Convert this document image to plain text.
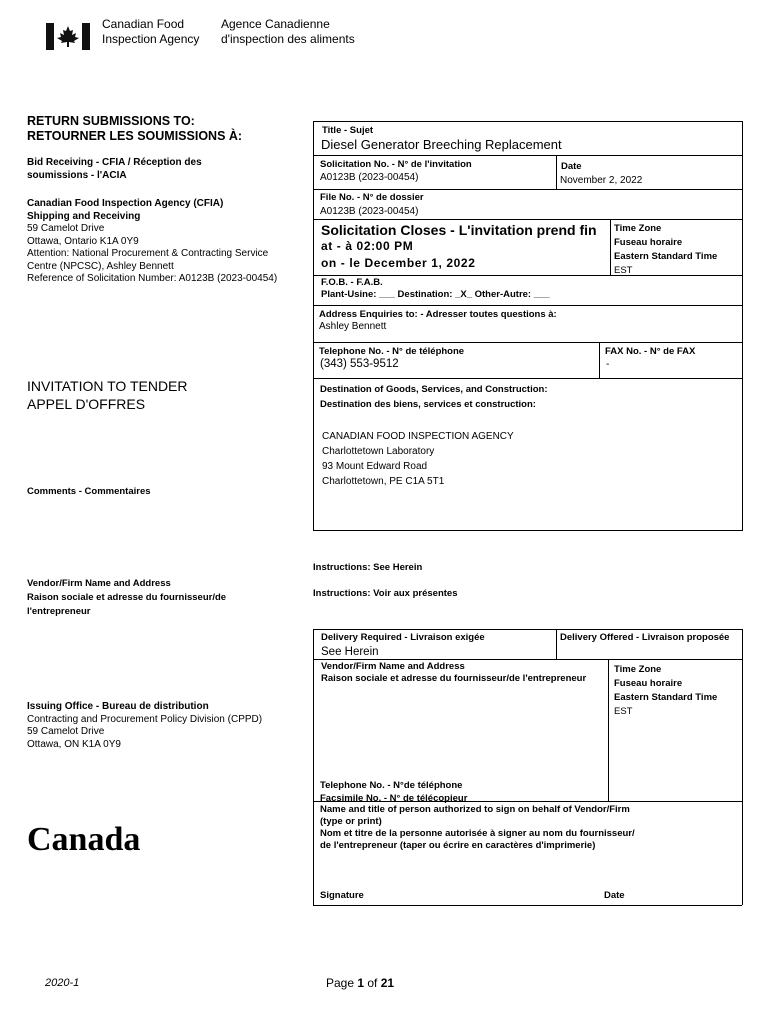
Canadian Food
Inspection Agency
Agence Canadienne
d'inspection des aliments
RETURN SUBMISSIONS TO:
RETOURNER LES SOUMISSIONS À:
Bid Receiving - CFIA / Réception des
soumissions - l'ACIA
Canadian Food Inspection Agency (CFIA)
Shipping and Receiving
59 Camelot Drive
Ottawa, Ontario K1A 0Y9
Attention: National Procurement & Contracting Service
Centre (NPCSC), Ashley Bennett
Reference of Solicitation Number: A0123B (2023-00454)
INVITATION TO TENDER
APPEL D'OFFRES
Comments - Commentaires
Vendor/Firm Name and Address
Raison sociale et adresse du fournisseur/de
l'entrepreneur
Issuing Office - Bureau de distribution
Contracting and Procurement Policy Division (CPPD)
59 Camelot Drive
Ottawa, ON K1A 0Y9
Canada
Title - Sujet
Diesel Generator Breeching Replacement
Solicitation No. - N° de l'invitation
A0123B (2023-00454)
Date
November 2, 2022
File No. - N° de dossier
A0123B (2023-00454)
Solicitation Closes - L'invitation prend fin
at - à 02:00 PM
on - le December 1, 2022
Time Zone
Fuseau horaire
Eastern Standard Time
EST
F.O.B. - F.A.B.
Plant-Usine: ___ Destination: _X_ Other-Autre: ___
Address Enquiries to: - Adresser toutes questions à:
Ashley Bennett
Telephone No. - N° de téléphone
(343) 553-9512
FAX No. - N° de FAX
-
Destination of Goods, Services, and Construction:
Destination des biens, services et construction:
CANADIAN FOOD INSPECTION AGENCY
Charlottetown Laboratory
93 Mount Edward Road
Charlottetown, PE C1A 5T1
Instructions: See Herein
Instructions: Voir aux présentes
Delivery Required - Livraison exigée
See Herein
Delivery Offered - Livraison proposée
Vendor/Firm Name and Address
Raison sociale et adresse du fournisseur/de l'entrepreneur
Time Zone
Fuseau horaire
Eastern Standard Time
EST
Telephone No. - N°de téléphone
Facsimile No. - N° de télécopieur
Name and title of person authorized to sign on behalf of Vendor/Firm
(type or print)
Nom et titre de la personne autorisée à signer au nom du fournisseur/
de l'entrepreneur (taper ou écrire en caractères d'imprimerie)
Signature	Date
2020-1	Page 1 of 21
